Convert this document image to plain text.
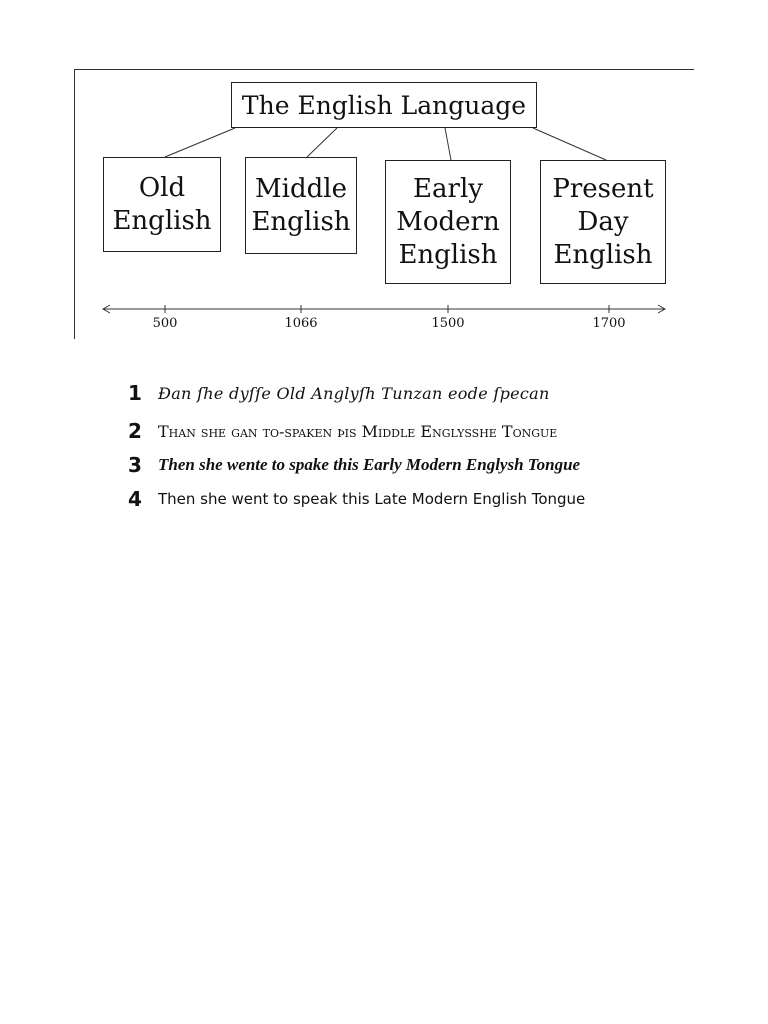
The English Language
Old
English
Middle
English
Early
Modern
English
Present
Day
English
500	1066	1500	1700
1	Ðan ſhe dyſſe Old Anglyſh Tunzan eode ſpecan
2	Than she gan to-spaken þis Middle Englysshe Tongue
3 Then she wente to spake this Early Modern Englysh Tongue
4	Then she went to speak this Late Modern English Tongue
